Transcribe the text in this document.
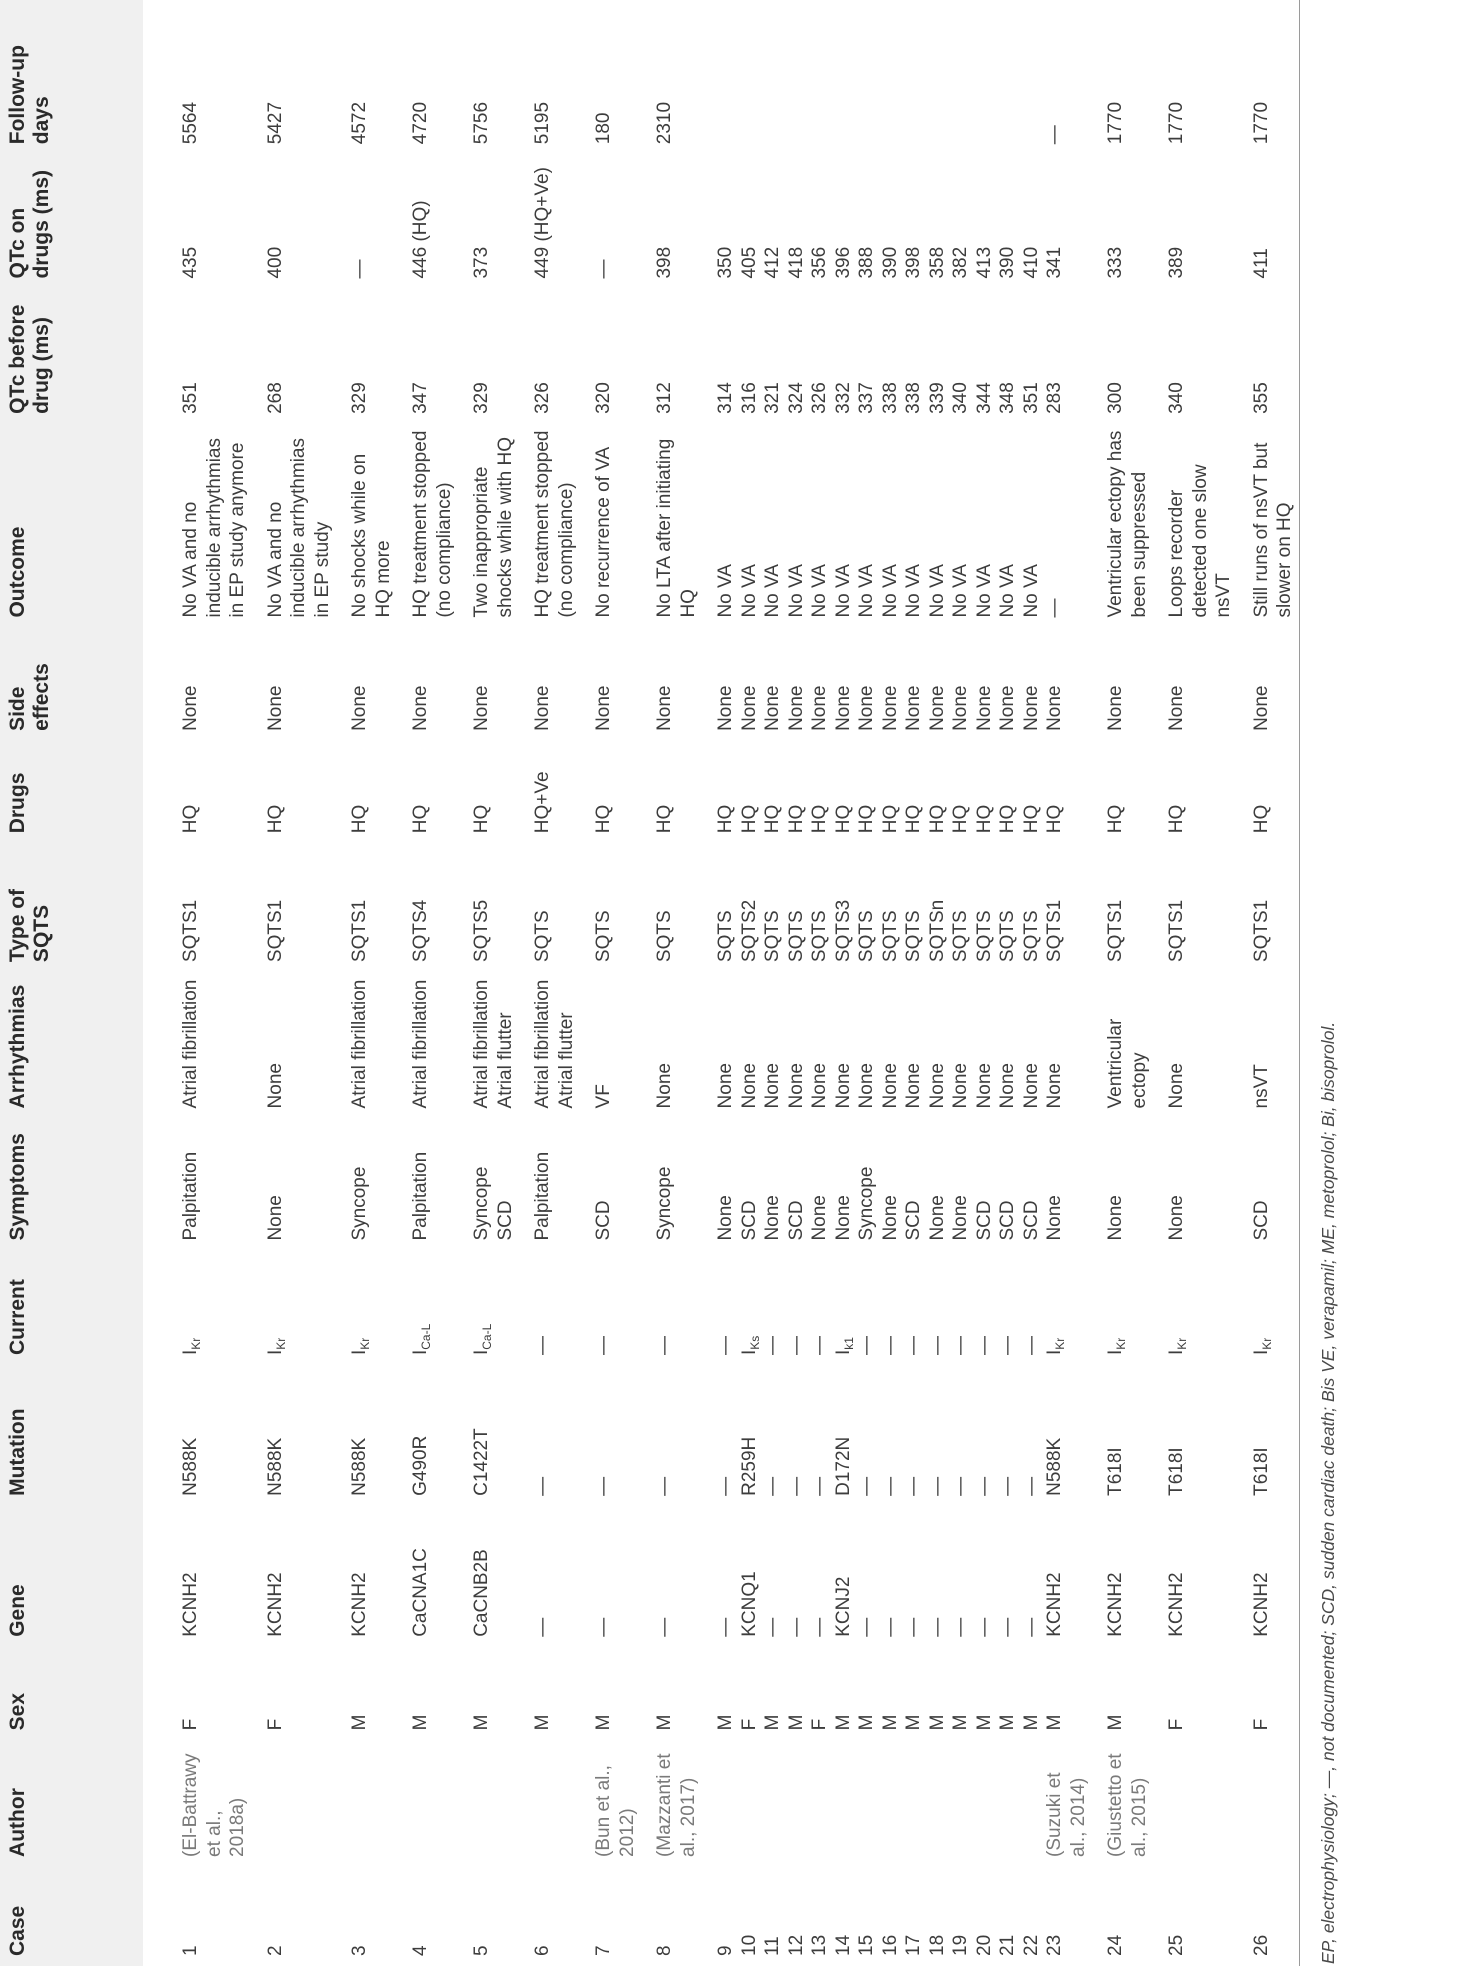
Case	Author	Sex	Gene	Mutation	Current	Symptoms	Arrhythmias	Type of SQTS	Drugs	Side effects	Outcome	QTc before drug (ms)	QTc on drugs (ms)	Follow-up days
1	(El-Battrawy et al., 2018a)	F	KCNH2	N588K	$I_{Kr}$	Palpitation	Atrial fibrillation	SQTS1	HQ	None	No VA and no inducible arrhythmias in EP study anymore	351	435	5564
2		F	KCNH2	N588K	$I_{Kr}$	None	None	SQTS1	HQ	None	No VA and no inducible arrhythmias in EP study	268	400	5427
3		M	KCNH2	N588K	$I_{Kr}$	Syncope	Atrial fibrillation	SQTS1	HQ	None	No shocks while on HQ more	329	—	4572
4		M	CaCNA1C	G490R	$I_{Ca-L}$	Palpitation	Atrial fibrillation	SQTS4	HQ	None	HQ treatment stopped (no compliance)	347	446 (HQ)	4720
5		M	CaCNB2B	C1422T	$I_{Ca-L}$	Syncope SCD	Atrial fibrillation Atrial flutter	SQTS5	HQ	None	Two inappropriate shocks while with HQ	329	373	5756
6		M	—	—	—	Palpitation	Atrial fibrillation Atrial flutter	SQTS	HQ+Ve	None	HQ treatment stopped (no compliance)	326	449 (HQ+Ve)	5195
7	(Bun et al., 2012)	M	—	—	—	SCD	VF	SQTS	HQ	None	No recurrence of VA	320	—	180
8	(Mazzanti et al., 2017)	M	—	—	—	Syncope	None	SQTS	HQ	None	No LTA after initiating HQ	312	398	2310
9		M	—	—	—	None	None	SQTS	HQ	None	No VA	314	350	
10		F	KCNQ1	R259H	$I_{Ks}$	SCD	None	SQTS2	HQ	None	No VA	316	405	
11		M	—	—	—	None	None	SQTS	HQ	None	No VA	321	412	
12		M	—	—	—	SCD	None	SQTS	HQ	None	No VA	324	418	
13		F	—	—	—	None	None	SQTS	HQ	None	No VA	326	356	
14		M	KCNJ2	D172N	$I_{k1}$	None	None	SQTS3	HQ	None	No VA	332	396	
15		M	—	—	—	Syncope	None	SQTS	HQ	None	No VA	337	388	
16		M	—	—	—	None	None	SQTS	HQ	None	No VA	338	390	
17		M	—	—	—	SCD	None	SQTS	HQ	None	No VA	338	398	
18		M	—	—	—	None	None	SQTSn	HQ	None	No VA	339	358	
19		M	—	—	—	None	None	SQTS	HQ	None	No VA	340	382	
20		M	—	—	—	SCD	None	SQTS	HQ	None	No VA	344	413	
21		M	—	—	—	SCD	None	SQTS	HQ	None	No VA	348	390	
22		M	—	—	—	SCD	None	SQTS	HQ	None	No VA	351	410	
23	(Suzuki et al., 2014)	M	KCNH2	N588K	$I_{Kr}$	None	None	SQTS1	HQ	None	—	283	341	—
24	(Giustetto et al., 2015)	M	KCNH2	T618I	$I_{Kr}$	None	Ventricular ectopy	SQTS1	HQ	None	Ventricular ectopy has been suppressed	300	333	1770
25		F	KCNH2	T618I	$I_{Kr}$	None	None	SQTS1	HQ	None	Loops recorder detected one slow nsVT	340	389	1770
26		F	KCNH2	T618I	$I_{Kr}$	SCD	nsVT	SQTS1	HQ	None	Still runs of nsVT but slower on HQ	355	411	1770
EP, electrophysiology; —, not documented; SCD, sudden cardiac death; Bis VE, verapamil; ME, metoprolol; Bi, bisoprolol.
